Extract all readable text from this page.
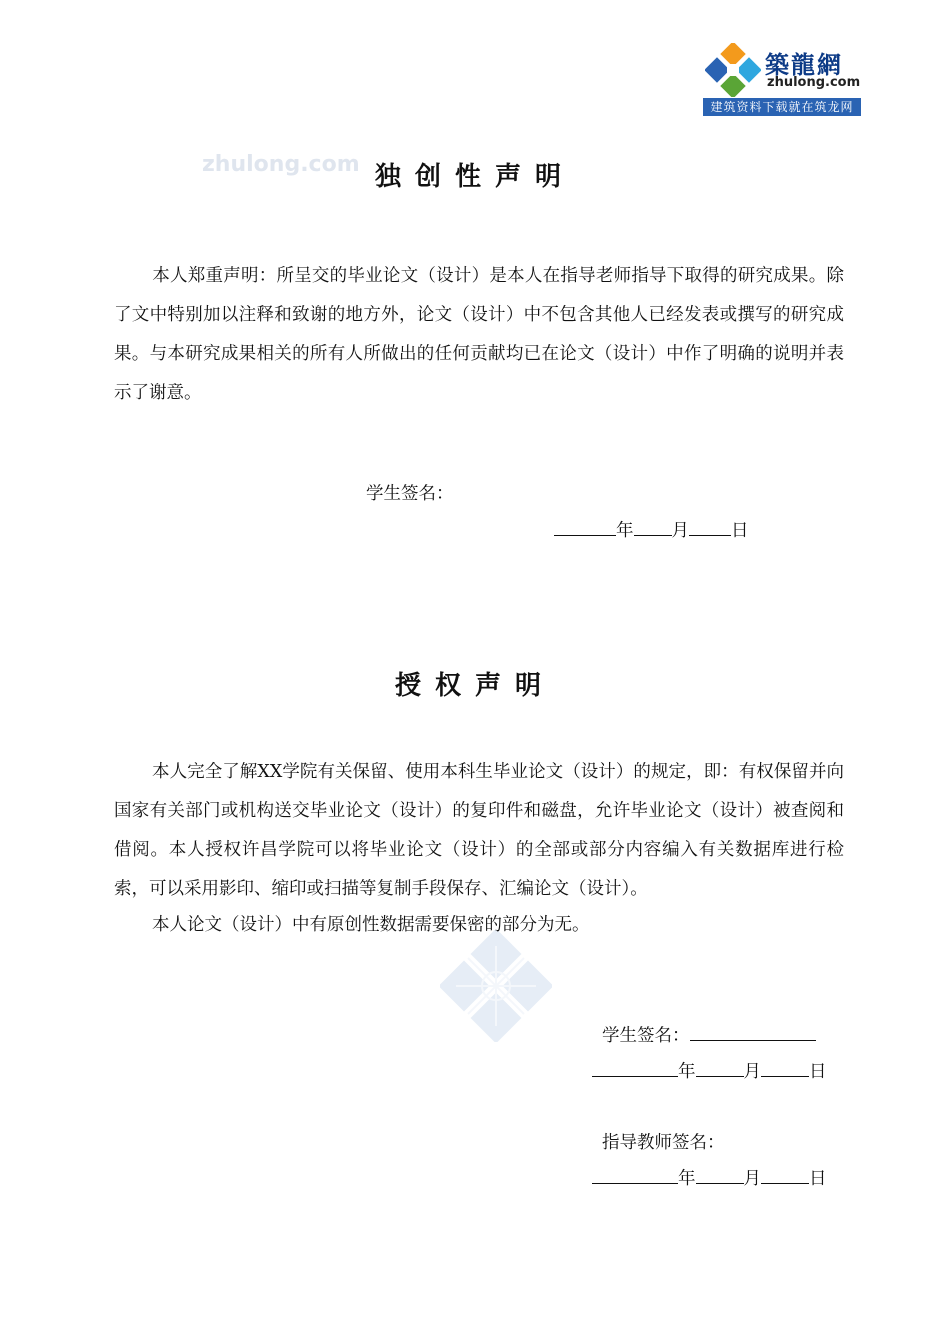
築龍網
zhulong.com
建筑资料下载就在筑龙网
zhulong.com 独创性声明
本人郑重声明：所呈交的毕业论文（设计）是本人在指导老师指导下取得的研究成果。除了文中特别加以注释和致谢的地方外，论文（设计）中不包含其他人已经发表或撰写的研究成果。与本研究成果相关的所有人所做出的任何贡献均已在论文（设计）中作了明确的说明并表示了谢意。
学生签名：
年 月 日
授权声明
本人完全了解XX学院有关保留、使用本科生毕业论文（设计）的规定，即：有权保留并向国家有关部门或机构送交毕业论文（设计）的复印件和磁盘，允许毕业论文（设计）被查阅和借阅。本人授权许昌学院可以将毕业论文（设计）的全部或部分内容编入有关数据库进行检索，可以采用影印、缩印或扫描等复制手段保存、汇编论文（设计）。
本人论文（设计）中有原创性数据需要保密的部分为无。
学生签名：
年	月	日
指导教师签名：
年	月	日
